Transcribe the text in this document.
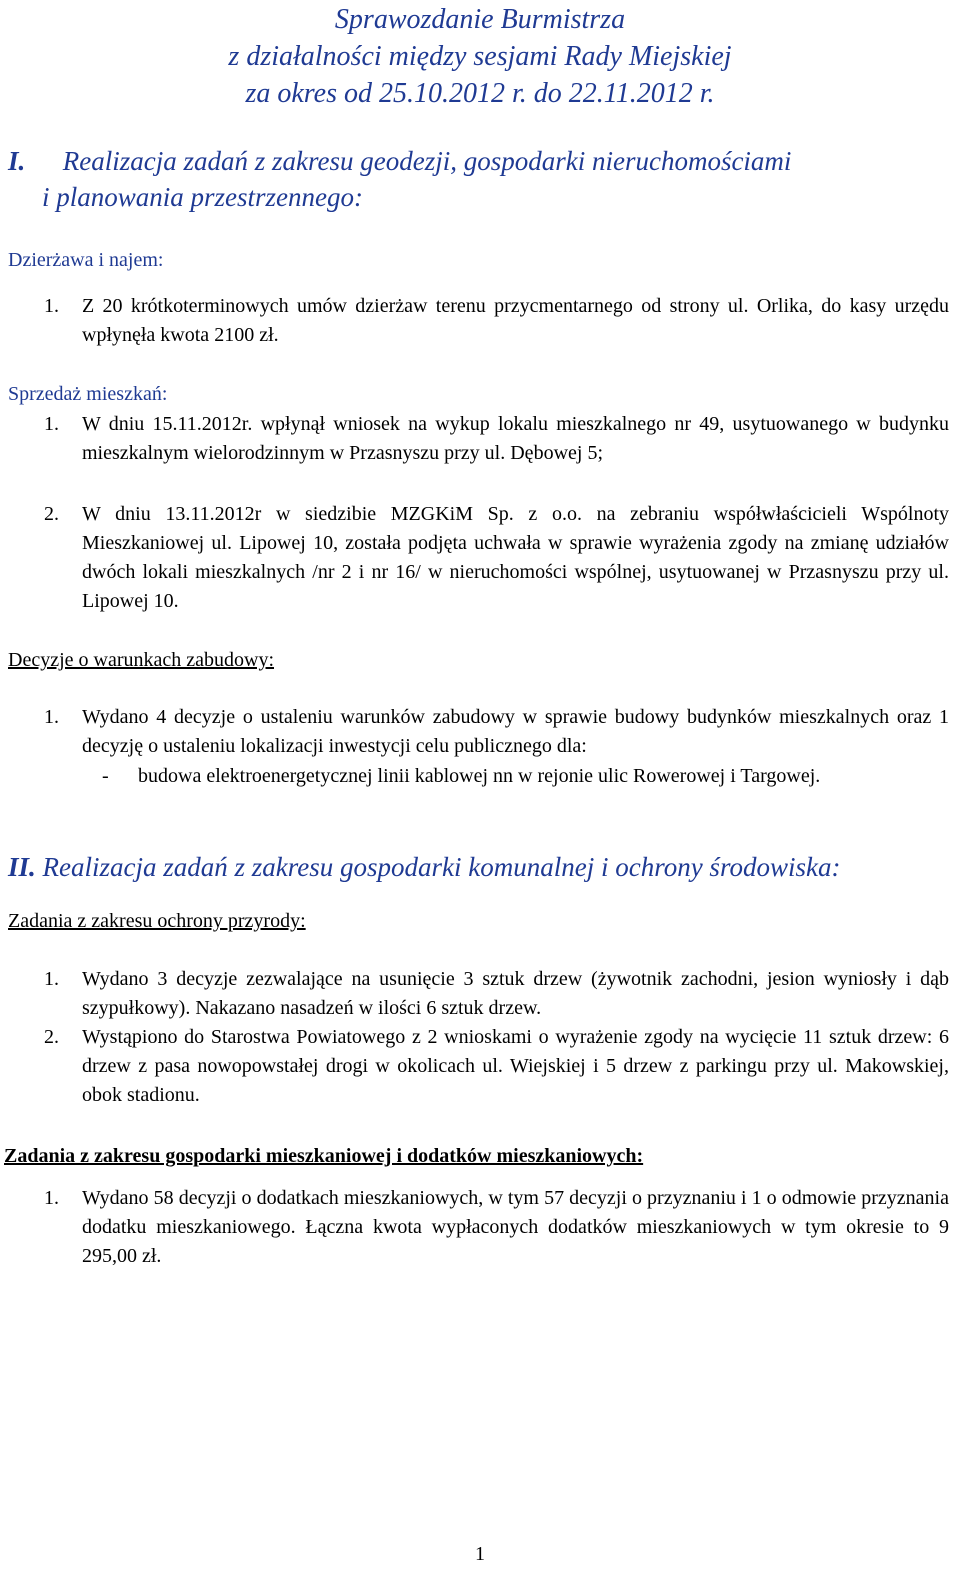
Sprawozdanie Burmistrza
z działalności między sesjami Rady Miejskiej
za okres od 25.10.2012 r. do 22.11.2012 r.
I. Realizacja zadań z zakresu geodezji, gospodarki nieruchomościami
i planowania przestrzennego:
Dzierżawa i najem:
1. Z 20 krótkoterminowych umów dzierżaw terenu przycmentarnego od strony ul. Orlika, do kasy urzędu wpłynęła kwota 2100 zł.
Sprzedaż mieszkań:
1. W dniu 15.11.2012r. wpłynął wniosek na wykup lokalu mieszkalnego nr 49, usytuowanego w budynku mieszkalnym wielorodzinnym w Przasnyszu przy ul. Dębowej 5;
2. W dniu 13.11.2012r w siedzibie MZGKiM Sp. z o.o. na zebraniu współwłaścicieli Wspólnoty Mieszkaniowej ul. Lipowej 10, została podjęta uchwała w sprawie wyrażenia zgody na zmianę udziałów dwóch lokali mieszkalnych /nr 2 i nr 16/ w nieruchomości wspólnej, usytuowanej w Przasnyszu przy ul. Lipowej 10.
Decyzje o warunkach zabudowy:
1. Wydano 4 decyzje o ustaleniu warunków zabudowy w sprawie budowy budynków mieszkalnych oraz 1 decyzję o ustaleniu lokalizacji inwestycji celu publicznego dla:
- budowa elektroenergetycznej linii kablowej nn w rejonie ulic Rowerowej i Targowej.
II. Realizacja zadań z zakresu gospodarki komunalnej i ochrony środowiska:
Zadania z zakresu ochrony przyrody:
1. Wydano 3 decyzje zezwalające na usunięcie 3 sztuk drzew (żywotnik zachodni, jesion wyniosły i dąb szypułkowy). Nakazano nasadzeń w ilości 6 sztuk drzew.
2. Wystąpiono do Starostwa Powiatowego z 2 wnioskami o wyrażenie zgody na wycięcie 11 sztuk drzew: 6 drzew z pasa nowopowstałej drogi w okolicach ul. Wiejskiej i 5 drzew z parkingu przy ul. Makowskiej, obok stadionu.
Zadania z zakresu gospodarki mieszkaniowej i dodatków mieszkaniowych:
1. Wydano 58 decyzji o dodatkach mieszkaniowych, w tym 57 decyzji o przyznaniu i 1 o odmowie przyznania dodatku mieszkaniowego. Łączna kwota wypłaconych dodatków mieszkaniowych w tym okresie to 9 295,00 zł.
1
